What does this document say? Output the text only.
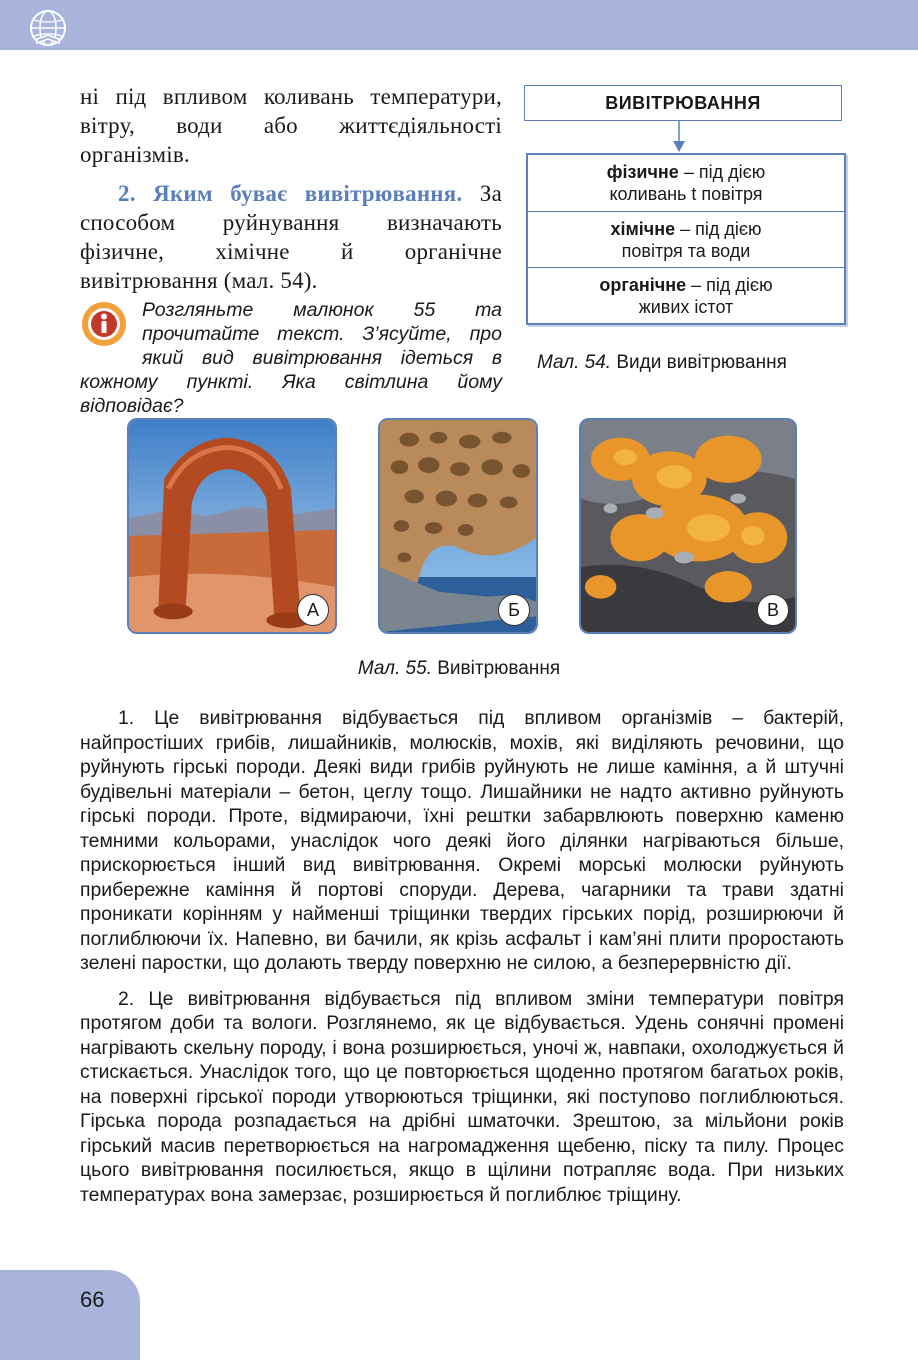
ні під впливом коливань температури, вітру, води або життєдіяльності організмів.

2. Яким буває вивітрювання. За способом руйнування визначають фізичне, хімічне й органічне вивітрювання (мал. 54).

Розгляньте малюнок 55 та прочитайте текст. З’ясуйте, про який вид вивітрювання ідеться в кожному пункті. Яка світлина йому відповідає?
ВИВІТРЮВАННЯ
фізичне – під дією
коливань t повітря
хімічне – під дією
повітря та води
органічне – під дією
живих істот
Мал. 54. Види вивітрювання
А	Б	В
Мал. 55. Вивітрювання

1. Це вивітрювання відбувається під впливом організмів – бактерій, найпростіших грибів, лишайників, молюсків, мохів, які виділяють речовини, що руйнують гірські породи. Деякі види грибів руйнують не лише каміння, а й штучні будівельні матеріали – бетон, цеглу тощо. Лишайники не надто активно руйнують гірські породи. Проте, відмираючи, їхні рештки забарвлюють поверхню каменю темними кольорами, унаслідок чого деякі його ділянки нагріваються більше, прискорюється інший вид вивітрювання. Окремі морські молюски руйнують прибережне каміння й портові споруди. Дерева, чагарники та трави здатні проникати корінням у найменші тріщинки твердих гірських порід, розширюючи й поглиблюючи їх. Напевно, ви бачили, як крізь асфальт і кам’яні плити проростають зелені паростки, що долають тверду поверхню не силою, а безперервністю дії.

2. Це вивітрювання відбувається під впливом зміни температури повітря протягом доби та вологи. Розглянемо, як це відбувається. Удень сонячні промені нагрівають скельну породу, і вона розширюється, уночі ж, навпаки, охолоджується й стискається. Унаслідок того, що це повторюється щоденно протягом багатьох років, на поверхні гірської породи утворюються тріщинки, які поступово поглиблюються. Гірська порода розпадається на дрібні шматочки. Зрештою, за мільйони років гірський масив перетворюється на нагромадження щебеню, піску та пилу. Процес цього вивітрювання посилюється, якщо в щілини потрапляє вода. При низьких температурах вона замерзає, розширюється й поглиблює тріщину.

66
